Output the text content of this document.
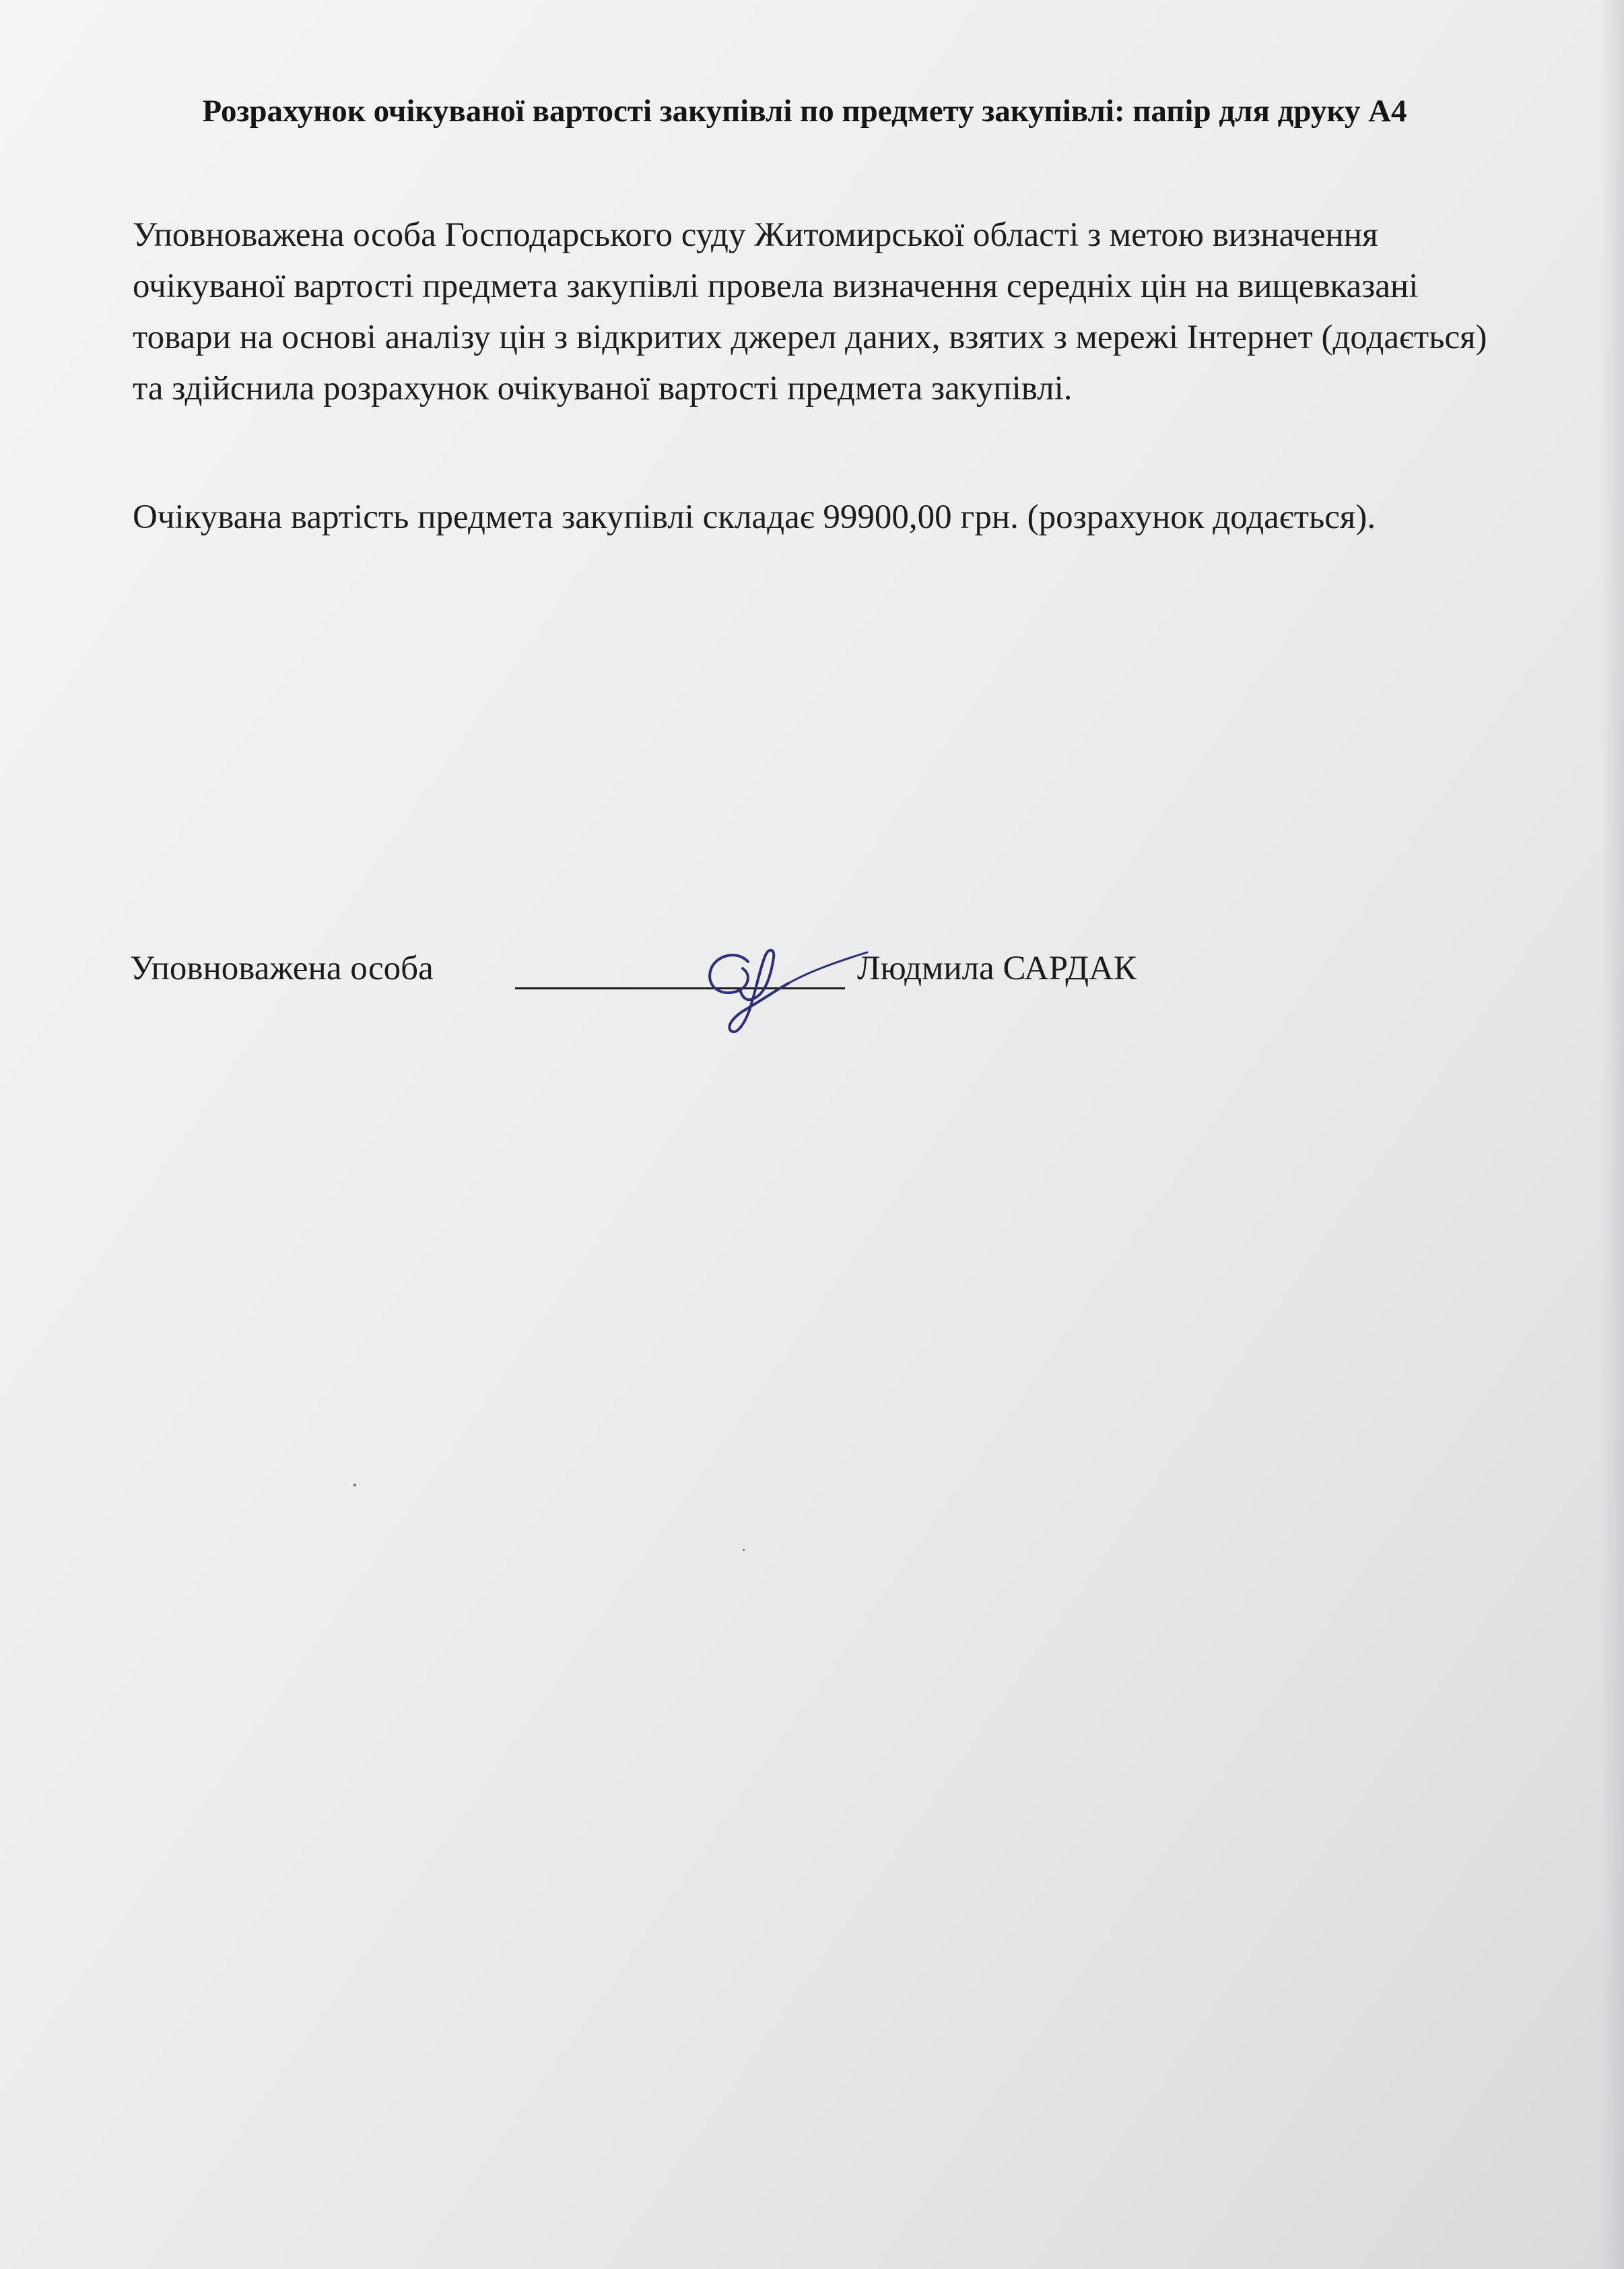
Розрахунок очікуваної вартості закупівлі по предмету закупівлі: папір для друку А4

Уповноважена особа Господарського суду Житомирської області з метою визначення очікуваної вартості предмета закупівлі провела визначення середніх цін на вищевказані товари на основі аналізу цін з відкритих джерел даних, взятих з мережі Інтернет (додається) та здійснила розрахунок очікуваної вартості предмета закупівлі.

Очікувана вартість предмета закупівлі складає 99900,00 грн. (розрахунок додається).

Уповноважена особа	Людмила САРДАК
